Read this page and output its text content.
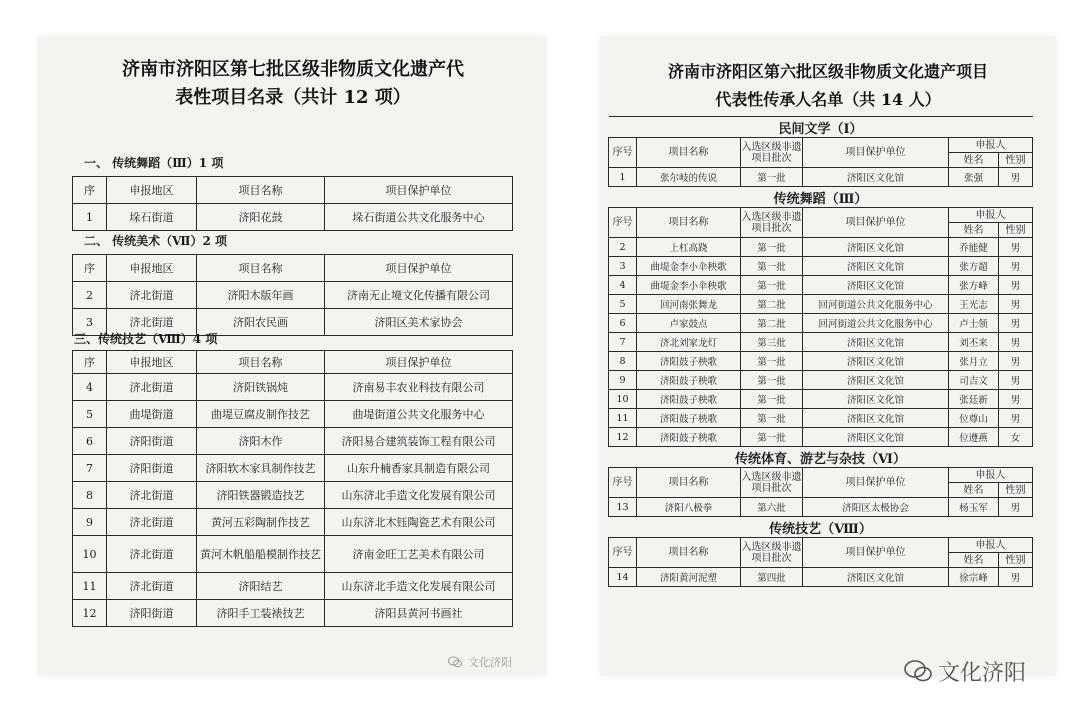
济南市济阳区第七批区级非物质文化遗产代
表性项目名录（共计 12 项）
一、 传统舞蹈（Ⅲ）1 项
序	申报地区	项目名称	项目保护单位
1	垛石街道	济阳花鼓	垛石街道公共文化服务中心
二、 传统美术（Ⅶ）2 项
序	申报地区	项目名称	项目保护单位
2	济北街道	济阳木版年画	济南无止境文化传播有限公司
3	济北街道	济阳农民画	济阳区美术家协会
三、传统技艺（Ⅷ）4 项
序	申报地区	项目名称	项目保护单位
4	济北街道	济阳铁锅炖	济南易丰农业科技有限公司
5	曲堤街道	曲堤豆腐皮制作技艺	曲堤街道公共文化服务中心
6	济阳街道	济阳木作	济阳易合建筑装饰工程有限公司
7	济阳街道	济阳软木家具制作技艺	山东升楠香家具制造有限公司
8	济北街道	济阳铁器锻造技艺	山东济北手造文化发展有限公司
9	济北街道	黄河五彩陶制作技艺	山东济北木钰陶瓷艺术有限公司
10	济北街道	黄河木帆船船模制作技艺	济南金旺工艺美术有限公司
11	济北街道	济阳结艺	山东济北手造文化发展有限公司
12	济阳街道	济阳手工装裱技艺	济阳县黄河书画社
济南市济阳区第六批区级非物质文化遗产项目
代表性传承人名单（共 14 人）
民间文学（Ⅰ）					
序号	项目名称	入选区级非遗项目批次	项目保护单位	申报人	
				姓名	性别
1	张尔岐的传说	第一批	济阳区文化馆	张强	男
传统舞蹈（Ⅲ）					
序号	项目名称	入选区级非遗项目批次	项目保护单位	申报人	
				姓名	性别
2	上杠高跷	第一批	济阳区文化馆	乔能健	男
3	曲堤金李小伞秧歌	第一批	济阳区文化馆	张方超	男
4	曲堤金李小伞秧歌	第一批	济阳区文化馆	张方峰	男
5	回河南张舞龙	第二批	回河街道公共文化服务中心	王光志	男
6	卢家鼓点	第二批	回河街道公共文化服务中心	卢士领	男
7	济北刘家龙灯	第三批	济阳区文化馆	刘丕来	男
8	济阳鼓子秧歌	第一批	济阳区文化馆	张月立	男
9	济阳鼓子秧歌	第一批	济阳区文化馆	司吉文	男
10	济阳鼓子秧歌	第一批	济阳区文化馆	张廷新	男
11	济阳鼓子秧歌	第一批	济阳区文化馆	位尊山	男
12	济阳鼓子秧歌	第一批	济阳区文化馆	位遵燕	女
传统体育、游艺与杂技（Ⅵ）					
序号	项目名称	入选区级非遗项目批次	项目保护单位	申报人	
				姓名	性别
13	济阳八极拳	第六批	济阳区太极协会	杨玉军	男
传统技艺（Ⅷ）					
序号	项目名称	入选区级非遗项目批次	项目保护单位	申报人	
				姓名	性别
14	济阳黄河泥塑	第四批	济阳区文化馆	徐宗峰	男
文化济阳	文化济阳
